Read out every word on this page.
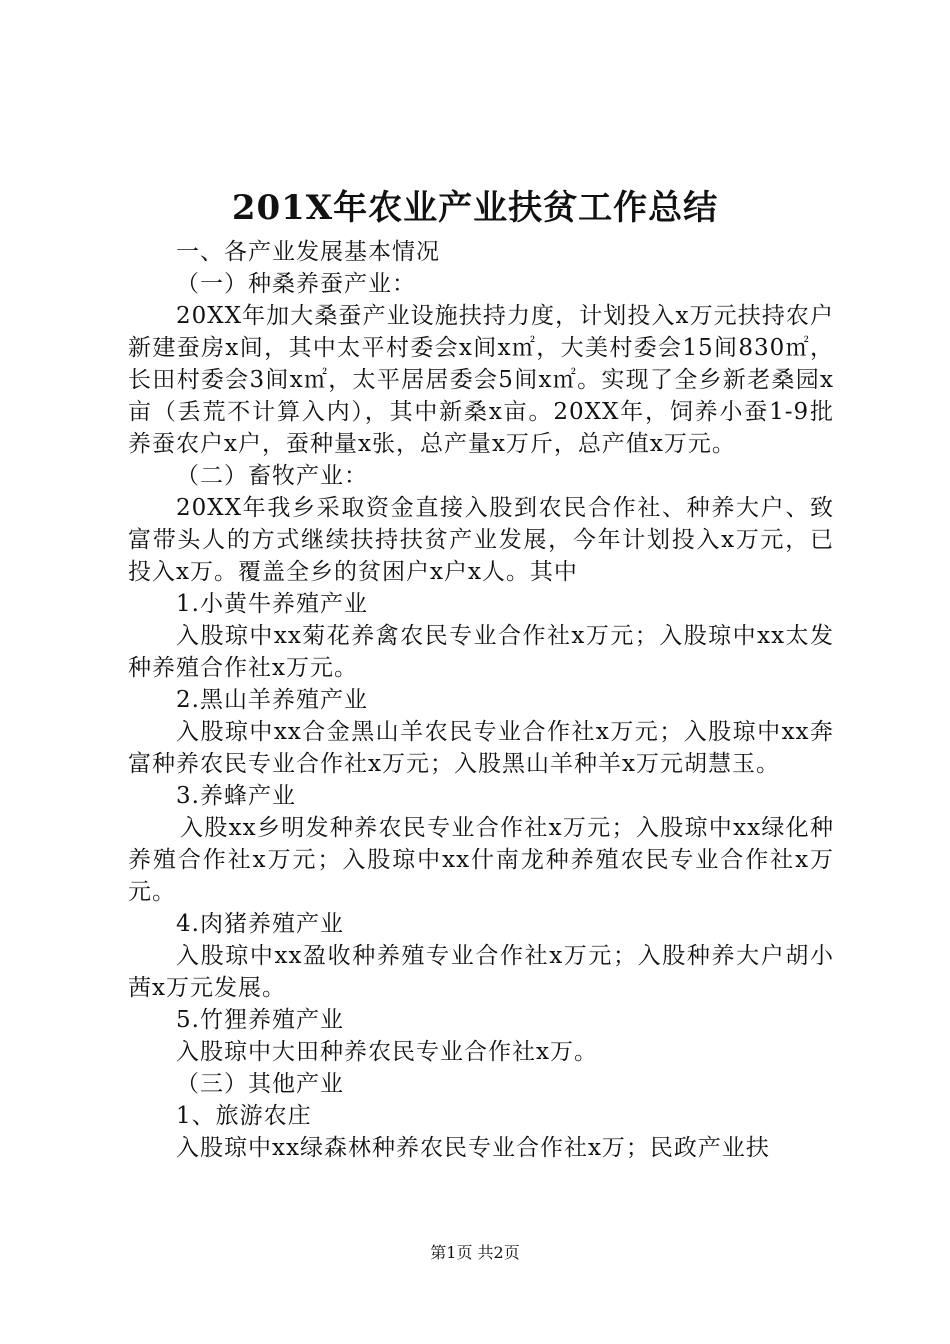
201X年农业产业扶贫工作总结

一、各产业发展基本情况

（一）种桑养蚕产业：

20XX年加大桑蚕产业设施扶持力度，计划投入x万元扶持农户新建蚕房x间，其中太平村委会x间x㎡，大美村委会15间830㎡，长田村委会3间x㎡，太平居居委会5间x㎡。实现了全乡新老桑园x亩（丢荒不计算入内），其中新桑x亩。20XX年，饲养小蚕1-9批养蚕农户x户，蚕种量x张，总产量x万斤，总产值x万元。

（二）畜牧产业：

20XX年我乡采取资金直接入股到农民合作社、种养大户、致富带头人的方式继续扶持扶贫产业发展，今年计划投入x万元，已投入x万。覆盖全乡的贫困户x户x人。其中

1.小黄牛养殖产业

入股琼中xx菊花养禽农民专业合作社x万元；入股琼中xx太发种养殖合作社x万元。

2.黑山羊养殖产业

入股琼中xx合金黑山羊农民专业合作社x万元；入股琼中xx奔富种养农民专业合作社x万元；入股黑山羊种羊x万元胡慧玉。

3.养蜂产业

入股xx乡明发种养农民专业合作社x万元；入股琼中xx绿化种养殖合作社x万元；入股琼中xx什南龙种养殖农民专业合作社x万元。

4.肉猪养殖产业

入股琼中xx盈收种养殖专业合作社x万元；入股种养大户胡小茜x万元发展。

5.竹狸养殖产业

入股琼中大田种养农民专业合作社x万。

（三）其他产业

1、旅游农庄

入股琼中xx绿森林种养农民专业合作社x万；民政产业扶

第1页 共2页
